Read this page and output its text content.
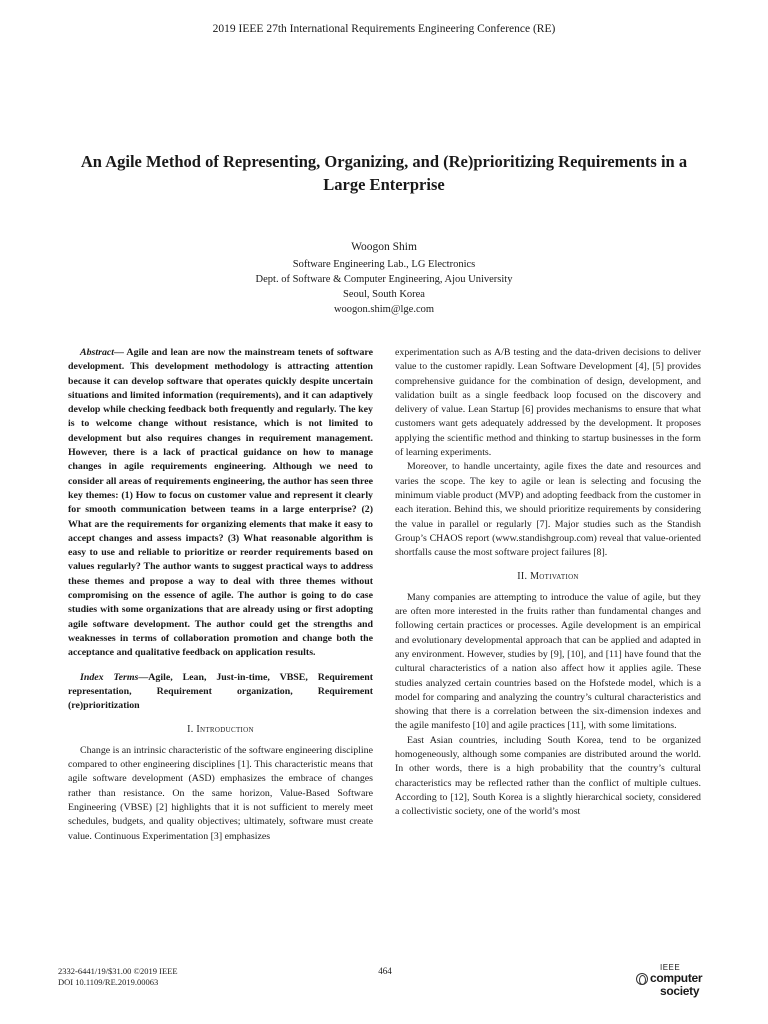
2019 IEEE 27th International Requirements Engineering Conference (RE)
An Agile Method of Representing, Organizing, and (Re)prioritizing Requirements in a Large Enterprise
Woogon Shim
Software Engineering Lab., LG Electronics
Dept. of Software & Computer Engineering, Ajou University
Seoul, South Korea
woogon.shim@lge.com

Abstract— Agile and lean are now the mainstream tenets of software development. This development methodology is attracting attention because it can develop software that operates quickly despite uncertain situations and limited information (requirements), and it can adaptively develop while checking feedback both frequently and regularly. The key is to welcome change without resistance, which is not limited to development but also requires changes in requirement management. However, there is a lack of practical guidance on how to manage changes in agile requirements engineering. Although we need to consider all areas of requirements engineering, the author has seen three key themes: (1) How to focus on customer value and represent it clearly for smooth communication between teams in a large enterprise? (2) What are the requirements for organizing elements that make it easy to accept changes and assess impacts? (3) What reasonable algorithm is easy to use and reliable to prioritize or reorder requirements based on values regularly? The author wants to suggest practical ways to address these themes and propose a way to deal with three themes without compromising on the essence of agile. The author is going to do case studies with some organizations that are already using or first adopting agile software development. The author could get the strengths and weaknesses in terms of collaboration promotion and change both the acceptance and qualitative feedback on application results.

Index Terms—Agile, Lean, Just-in-time, VBSE, Requirement representation, Requirement organization, Requirement (re)prioritization

I. Introduction

Change is an intrinsic characteristic of the software engineering discipline compared to other engineering disciplines [1]. This characteristic means that agile software development (ASD) emphasizes the embrace of changes rather than resistance. On the same horizon, Value-Based Software Engineering (VBSE) [2] highlights that it is not sufficient to merely meet schedules, budgets, and quality objectives; ultimately, software must create value. Continuous Experimentation [3] emphasizes

experimentation such as A/B testing and the data-driven decisions to deliver value to the customer rapidly. Lean Software Development [4], [5] provides comprehensive guidance for the combination of design, development, and validation built as a single feedback loop focused on the discovery and delivery of value. Lean Startup [6] provides mechanisms to ensure that what customers want gets adequately addressed by the development. It proposes applying the scientific method and thinking to startup businesses in the form of learning experiments.

Moreover, to handle uncertainty, agile fixes the date and resources and varies the scope. The key to agile or lean is selecting and focusing the minimum viable product (MVP) and adopting feedback from the customer in each iteration. Behind this, we should prioritize requirements by considering the value in parallel or regularly [7]. Major studies such as the Standish Group’s CHAOS report (www.standishgroup.com) reveal that value-oriented shortfalls cause the most software project failures [8].

II. Motivation

Many companies are attempting to introduce the value of agile, but they are often more interested in the fruits rather than fundamental changes and following certain practices or processes. Agile development is an empirical and evolutionary developmental approach that can be applied and adapted in any environment. However, studies by [9], [10], and [11] have found that the cultural characteristics of a nation also affect how it applies agile. These studies analyzed certain countries based on the Hofstede model, which is a model for comparing and analyzing the country’s cultural characteristics and showing that there is a correlation between the six-dimension indexes and the agile manifesto [10] and agile practices [11], with some limitations.

East Asian countries, including South Korea, tend to be organized homogeneously, although some companies are distributed around the world. In other words, there is a high probability that the country’s cultural characteristics may be reflected rather than the conflict of multiple cultues. According to [12], South Korea is a slightly hierarchical society, considered a collectivistic society, one of the world’s most

2332-6441/19/$31.00 ©2019 IEEE
DOI 10.1109/RE.2019.00063
464	IEEE
computer
society
